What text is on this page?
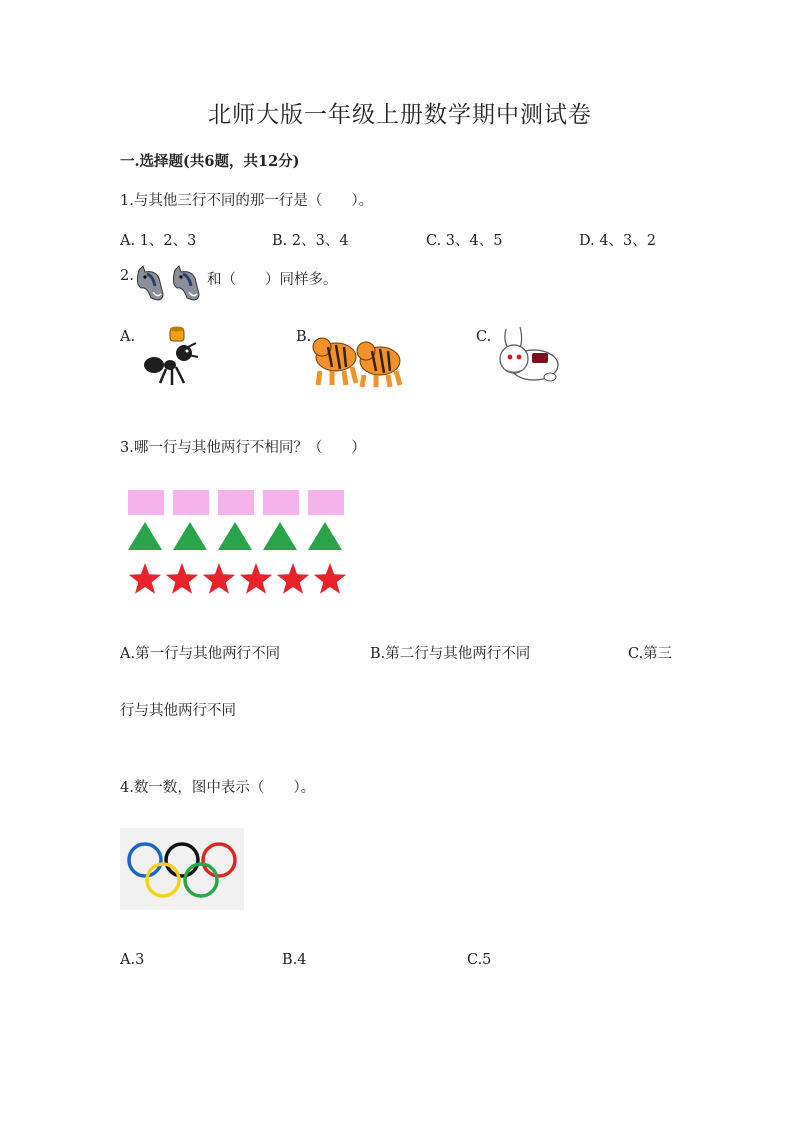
北师大版一年级上册数学期中测试卷
一.选择题(共6题，共12分)
1.与其他三行不同的那一行是（　　）。
A. 1、2、3	B. 2、3、4	C. 3、4、5	D. 4、3、2
2.	和（　　）同样多。
A.	B.	C.
3.哪一行与其他两行不相同？（　　）
A.第一行与其他两行不同	B.第二行与其他两行不同	C.第三
行与其他两行不同
4.数一数，图中表示（　　）。
A.3	B.4	C.5
